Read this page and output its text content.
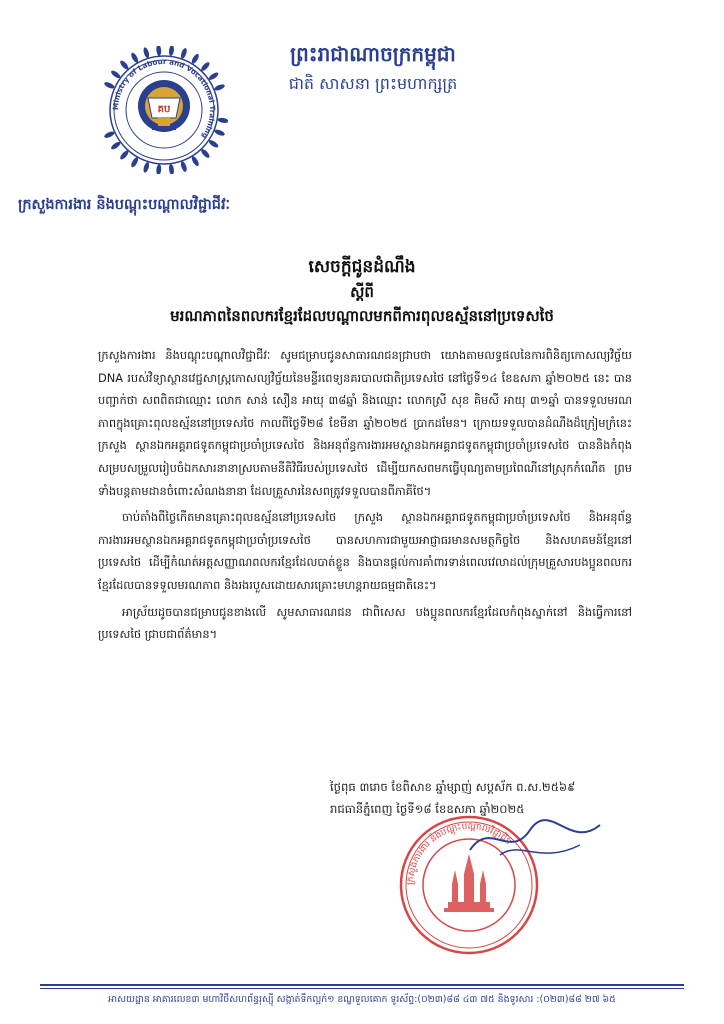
Ministry of Labour and Vocational Training
គប
ព្រះរាជាណាចក្រកម្ពុជា
ជាតិ សាសនា ព្រះមហាក្សត្រ
ក្រសួងការងារ និងបណ្តុះបណ្តាលវិជ្ជាជីវៈ
សេចក្តីជូនដំណឹង
ស្តីពី
មរណភាពនៃពលករខ្មែរដែលបណ្តាលមកពីការពុលឧស្ម័ននៅប្រទេសថៃ

ក្រសួងការងារ និងបណ្តុះបណ្តាលវិជ្ជាជីវៈ សូមជម្រាបជូនសាធារណជនជ្រាបថា យោងតាមលទ្ធផលនៃការពិនិត្យកោសល្យវិច្ច័យ DNA របស់វិទ្យាស្ថានវេជ្ជសាស្ត្រកោសល្យវិច្ច័យនៃមន្ទីរពេទ្យនគរបាលជាតិប្រទេសថៃ នៅថ្ងៃទី១៤ ខែឧសភា ឆ្នាំ២០២៥ នេះ បានបញ្ជាក់ថា សពពិតជាឈ្មោះ លោក សាន់ សឿន អាយុ ៣៨ឆ្នាំ និងឈ្មោះ លោកស្រី សុខ គិមសី អាយុ ៣១ឆ្នាំ បានទទួលមរណភាពក្នុងគ្រោះពុលឧស្ម័ននៅប្រទេសថៃ កាលពីថ្ងៃទី២៨ ខែមីនា ឆ្នាំ២០២៥ ប្រាកដមែន។ ក្រោយទទួលបានដំណឹងដ៏ក្រៀមក្រំនេះ ក្រសួង ស្ថានឯកអគ្គរាជទូតកម្ពុជាប្រចាំប្រទេសថៃ និងអនុព័ន្ធការងារអមស្ថានឯកអគ្គរាជទូតកម្ពុជាប្រចាំប្រទេសថៃ បាននិងកំពុងសម្របសម្រួលរៀបចំឯកសារនានាស្របតាមនីតិវិធីរបស់ប្រទេសថៃ ដើម្បីយកសពមកធ្វើបុណ្យតាមប្រពៃណីនៅស្រុកកំណើត ព្រមទាំងបន្តតាមដានចំពោះសំណងនានា ដែលគ្រួសារនៃសពត្រូវទទួលបានពីភាគីថៃ។

ចាប់តាំងពីថ្ងៃកើតមានគ្រោះពុលឧស្ម័ននៅប្រទេសថៃ ក្រសួង ស្ថានឯកអគ្គរាជទូតកម្ពុជាប្រចាំប្រទេសថៃ និងអនុព័ន្ធការងារអមស្ថានឯកអគ្គរាជទូតកម្ពុជាប្រចាំប្រទេសថៃ បានសហការជាមួយអាជ្ញាធរមានសមត្ថកិច្ចថៃ និងសហគមន៍ខ្មែរនៅប្រទេសថៃ ដើម្បីកំណត់អត្តសញ្ញាណពលករខ្មែរដែលបាត់ខ្លួន និងបានផ្តល់ការគាំពារទាន់ពេលវេលាដល់ក្រុមគ្រួសារបងប្អូនពលករខ្មែរដែលបានទទួលមរណភាព និងរងរបួសដោយសារគ្រោះមហន្តរាយធម្មជាតិនេះ។

អាស្រ័យដូចបានជម្រាបជូនខាងលើ សូមសាធារណជន ជាពិសេស បងប្អូនពលករខ្មែរដែលកំពុងស្នាក់នៅ និងធ្វើការនៅប្រទេសថៃ ជ្រាបជាព័ត៌មាន។

ថ្ងៃពុធ ៣រោច ខែពិសាខ ឆ្នាំម្សាញ់ សប្តស័ក ព.ស.២៥៦៩
រាជធានីភ្នំពេញ ថ្ងៃទី១៨ ខែឧសភា ឆ្នាំ២០២៥
ក្រសួងការងារ និងបណ្តុះបណ្តាលវិជ្ជាជីវៈ
អាសយដ្ឋាន អាគារលេខ៣ មហាវិថីសហព័ន្ធរុស្ស៊ី សង្កាត់ទឹកល្អក់១ ខណ្ឌទួលគោក ទូរស័ព្ទ:(០២៣)៨៨ ៤៣ ៧៥ និងទូរសារ :(០២៣)៨៨ ២៧ ៦៥
